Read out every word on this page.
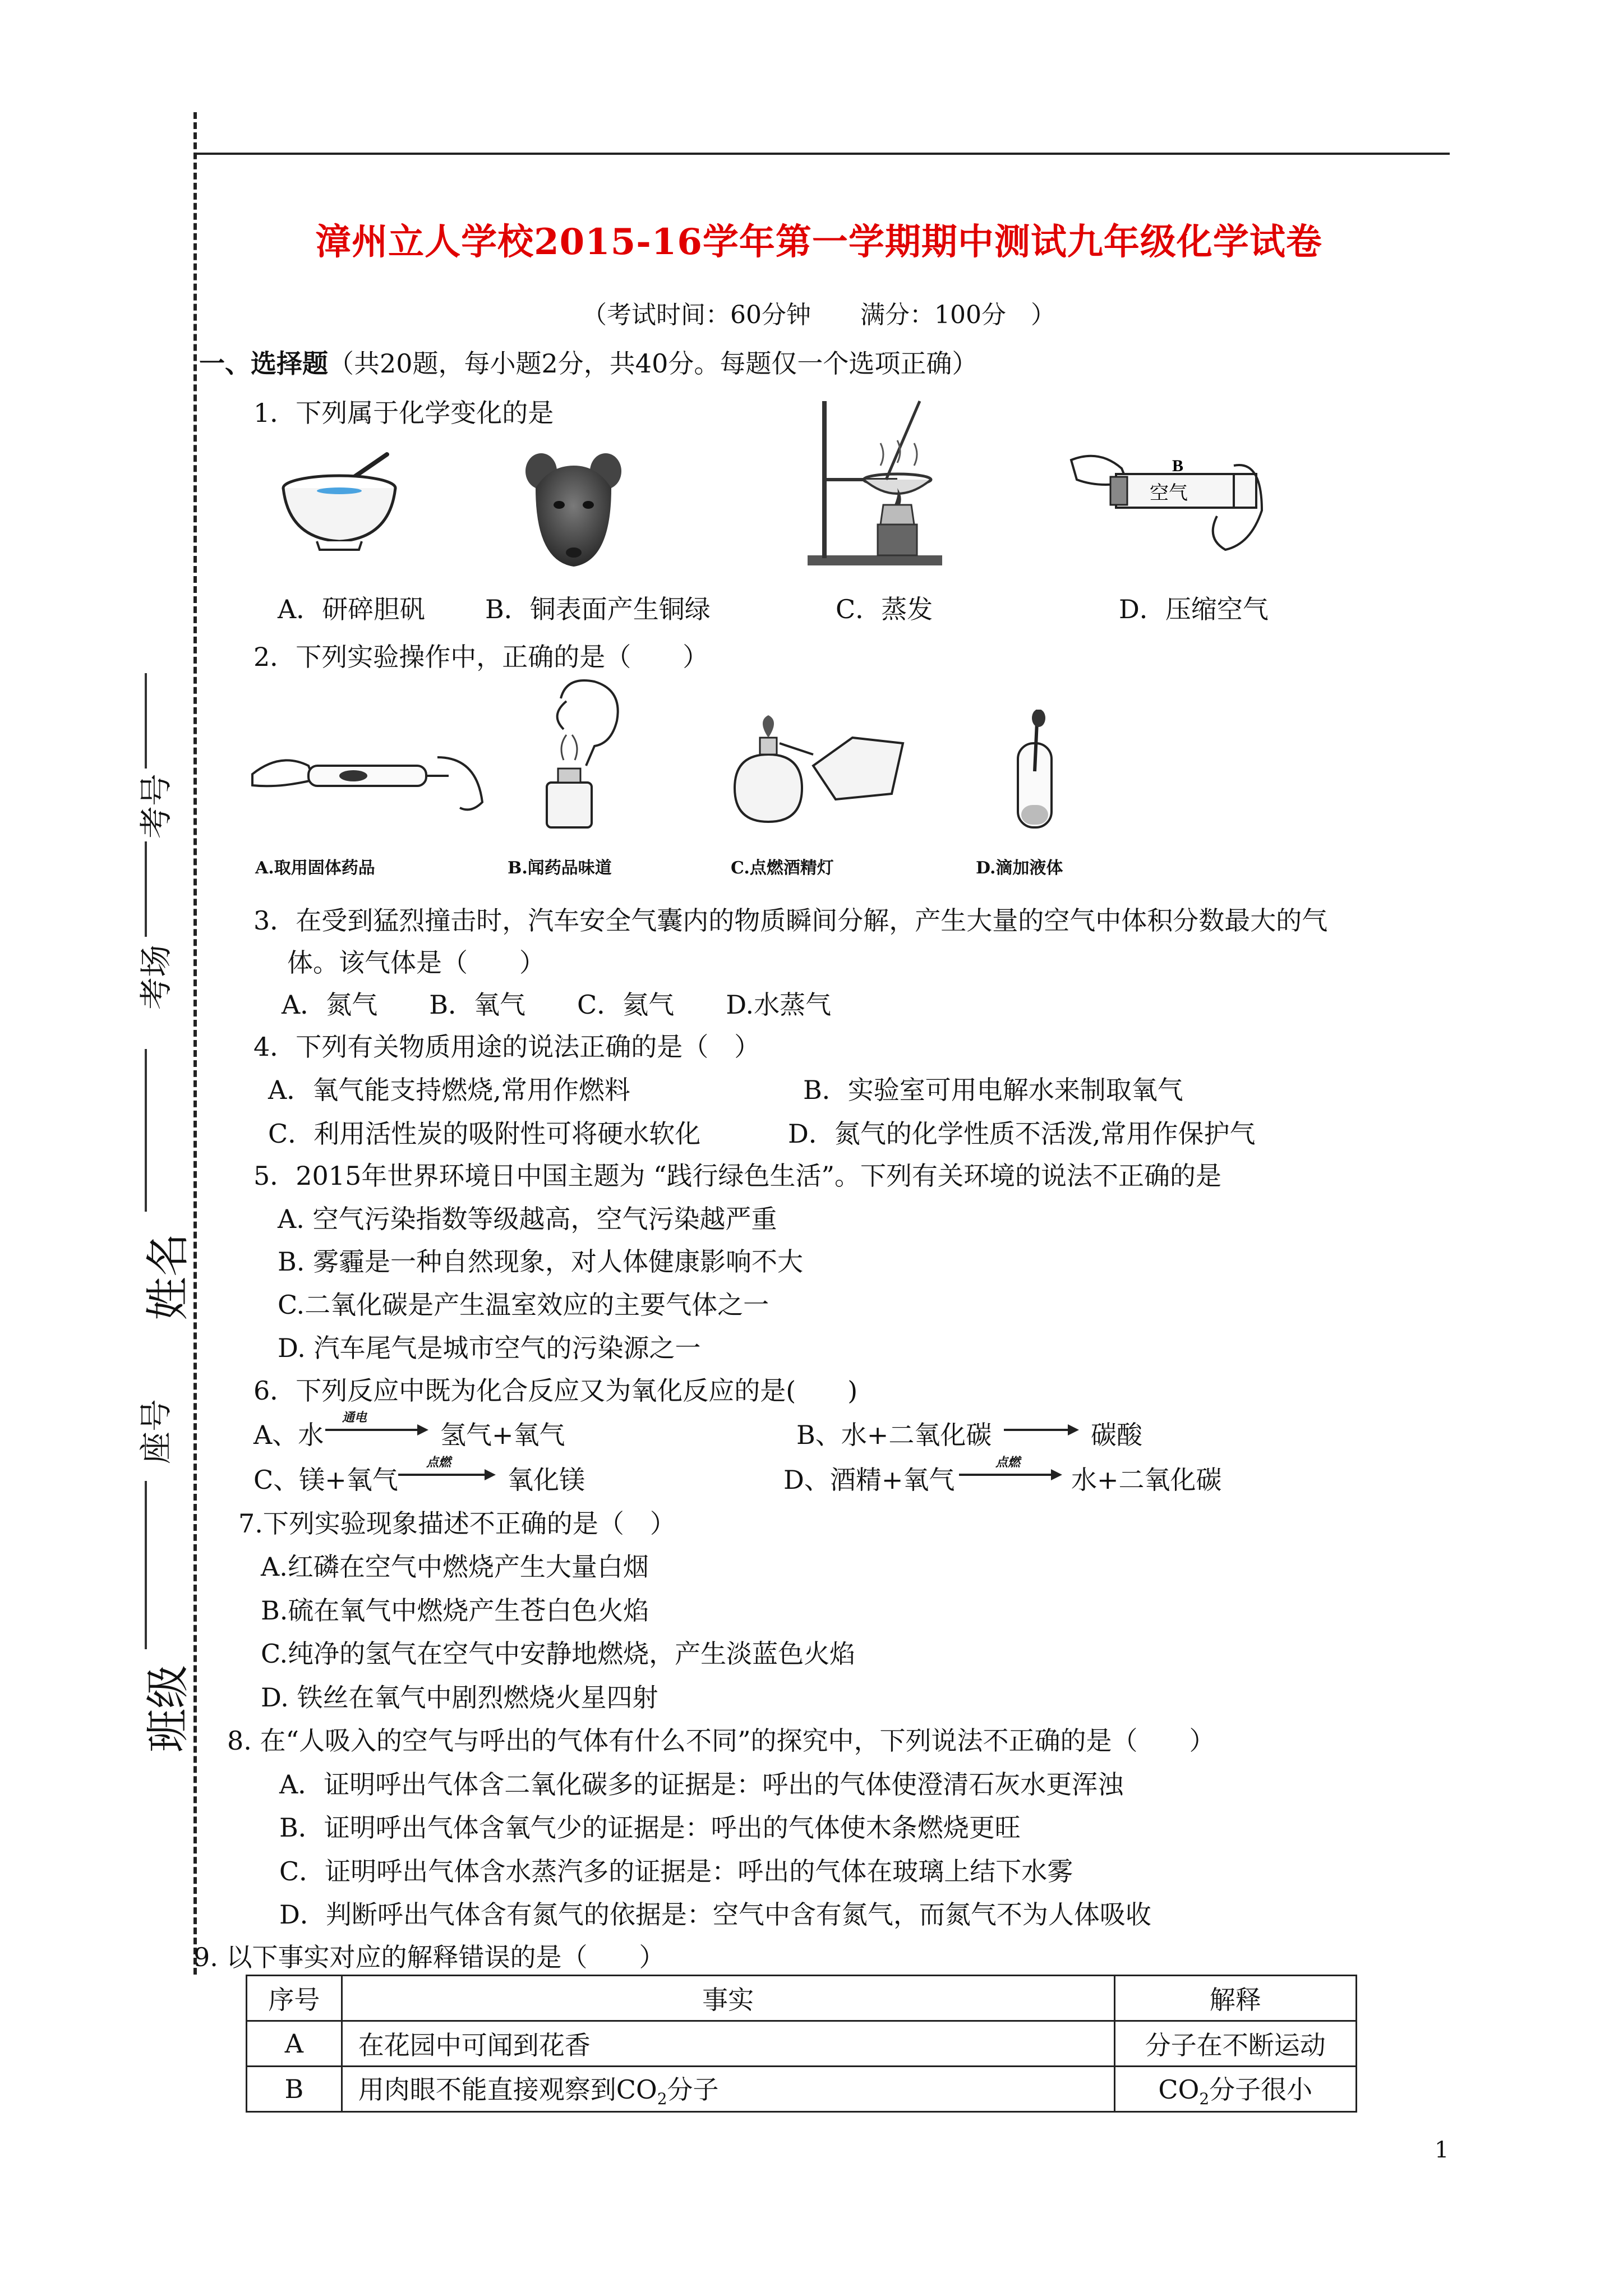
考号
考场
姓名
座号
班级
漳州立人学校2015-16学年第一学期期中测试九年级化学试卷
（考试时间：60分钟　　满分：100分　）
一、选择题（共20题，每小题2分，共40分。每题仅一个选项正确）
1．下列属于化学变化的是
B
空气
A．研碎胆矾 B．铜表面产生铜绿	C．蒸发	D．压缩空气
2．下列实验操作中，正确的是（　　）
A.取用固体药品	B.闻药品味道	C.点燃酒精灯	D.滴加液体
3．在受到猛烈撞击时，汽车安全气囊内的物质瞬间分解，产生大量的空气中体积分数最大的气
体。该气体是（　　）
A．氮气　　B．氧气　　C．氦气　　D.水蒸气
4．下列有关物质用途的说法正确的是（　）
A．氧气能支持燃烧,常用作燃料	B．实验室可用电解水来制取氧气
C．利用活性炭的吸附性可将硬水软化	D．氮气的化学性质不活泼,常用作保护气
5．2015年世界环境日中国主题为 “践行绿色生活”。下列有关环境的说法不正确的是
A. 空气污染指数等级越高，空气污染越严重
B. 雾霾是一种自然现象，对人体健康影响不大
C.二氧化碳是产生温室效应的主要气体之一
D. 汽车尾气是城市空气的污染源之一
6．下列反应中既为化合反应又为氧化反应的是(　　)
A、水
通电
氢气+氧气	B、水+二氧化碳	碳酸
C、镁+氧气
点燃
氧化镁	D、酒精+氧气
点燃
水+二氧化碳
7.下列实验现象描述不正确的是（　）
A.红磷在空气中燃烧产生大量白烟
B.硫在氧气中燃烧产生苍白色火焰
C.纯净的氢气在空气中安静地燃烧，产生淡蓝色火焰
D. 铁丝在氧气中剧烈燃烧火星四射
8. 在“人吸入的空气与呼出的气体有什么不同”的探究中，下列说法不正确的是（　　）
A．证明呼出气体含二氧化碳多的证据是：呼出的气体使澄清石灰水更浑浊
B．证明呼出气体含氧气少的证据是：呼出的气体使木条燃烧更旺
C．证明呼出气体含水蒸汽多的证据是：呼出的气体在玻璃上结下水雾
D．判断呼出气体含有氮气的依据是：空气中含有氮气，而氮气不为人体吸收
9. 以下事实对应的解释错误的是（　　）
序号	事实	解释
A	在花园中可闻到花香	分子在不断运动
B	用肉眼不能直接观察到$CO_2$分子	$CO_2$分子很小
1
